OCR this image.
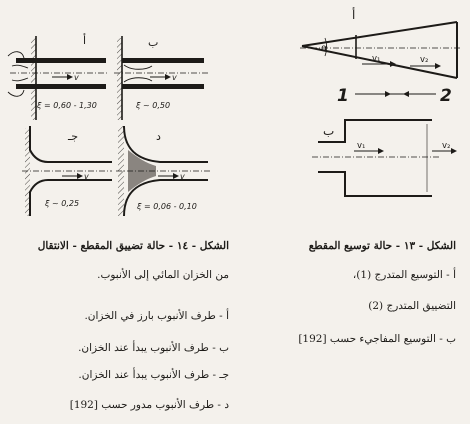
أ
α
v₁	v₂
1	2
ب
v₁	v₂
v
أ
ξ = 0,60 - 1,30
v
ب
ξ ~ 0,50
v
جـ
ξ ~ 0,25
v
د
ξ = 0,06 - 0,10
الشكل - ١٤ - حالة تضييق المقطع - الانتقال
من الخزان المائي إلى الأنبوب.
أ - طرف الأنبوب بارز في الخزان.
ب - طرف الأنبوب يبدأ عند الخزان.
جـ - طرف الأنبوب يبدأ عند الخزان.
د - طرف الأنبوب مدور حسب [192]
الشكل - ١٣ - حالة توسيع المقطع
أ - التوسيع المتدرج (1)،
التضييق المتدرج (2)
ب - التوسيع المفاجيء حسب [192]
